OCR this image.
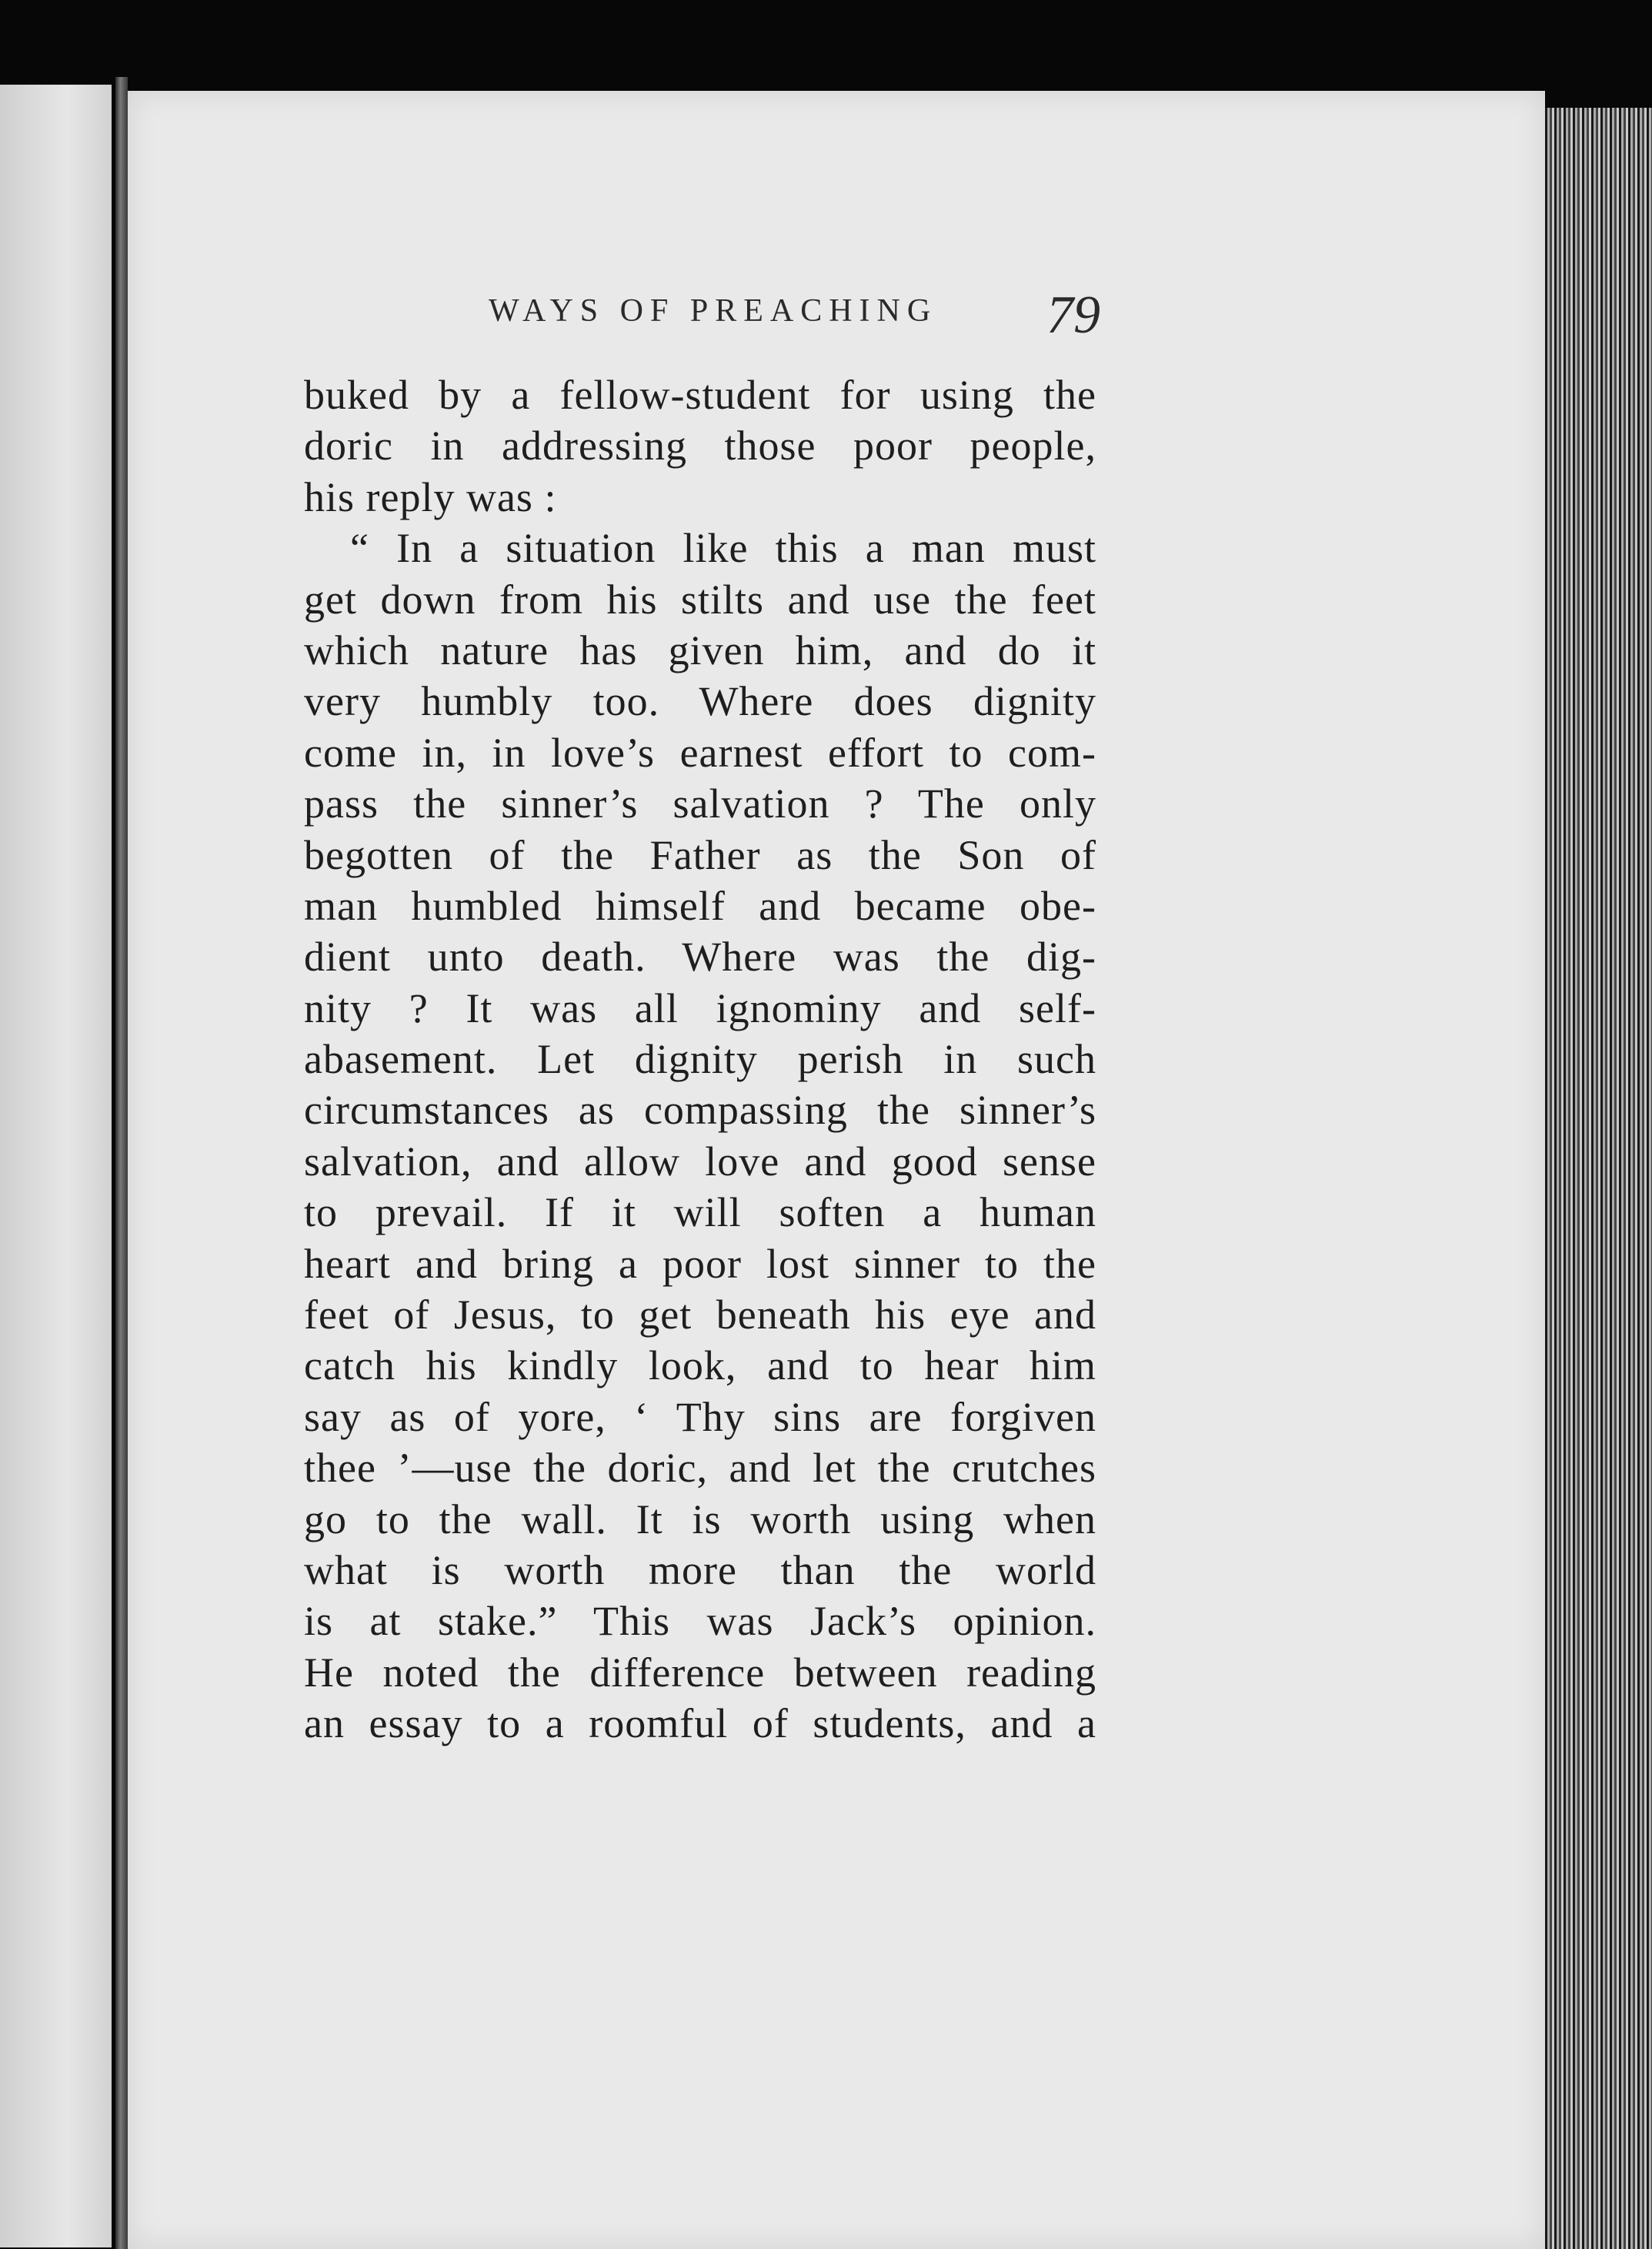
WAYS OF PREACHING 79
buked by a fellow-student for using the
doric in addressing those poor people,
his reply was :
“ In a situation like this a man must
get down from his stilts and use the feet
which nature has given him, and do it
very humbly too. Where does dignity
come in, in love’s earnest effort to com-
pass the sinner’s salvation ? The only
begotten of the Father as the Son of
man humbled himself and became obe-
dient unto death. Where was the dig-
nity ? It was all ignominy and self-
abasement. Let dignity perish in such
circumstances as compassing the sinner’s
salvation, and allow love and good sense
to prevail. If it will soften a human
heart and bring a poor lost sinner to the
feet of Jesus, to get beneath his eye and
catch his kindly look, and to hear him
say as of yore, ‘ Thy sins are forgiven
thee ’—use the doric, and let the crutches
go to the wall. It is worth using when
what is worth more than the world
is at stake.” This was Jack’s opinion.
He noted the difference between reading
an essay to a roomful of students, and a
